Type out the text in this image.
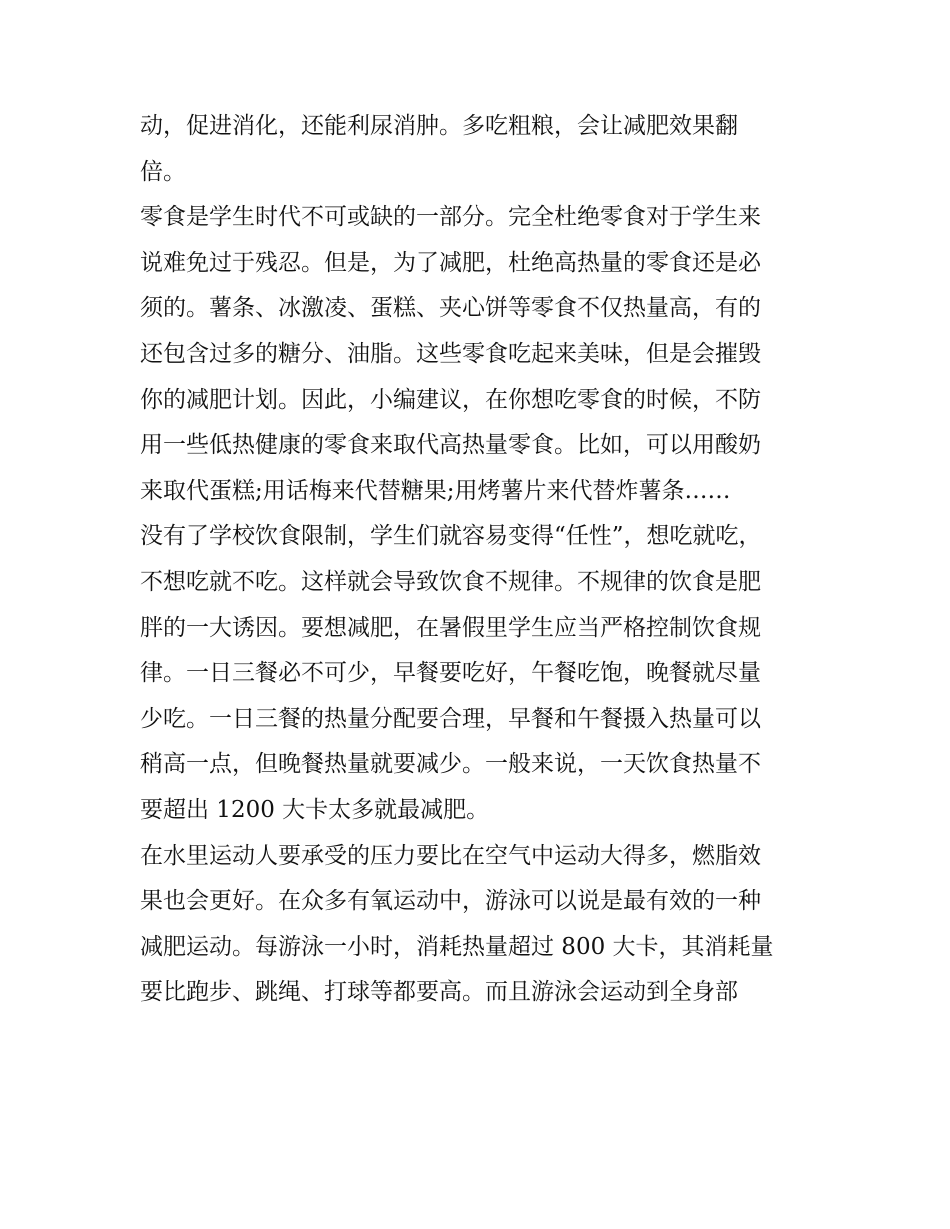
动，促进消化，还能利尿消肿。多吃粗粮，会让减肥效果翻
倍。
零食是学生时代不可或缺的一部分。完全杜绝零食对于学生来
说难免过于残忍。但是，为了减肥，杜绝高热量的零食还是必
须的。薯条、冰激凌、蛋糕、夹心饼等零食不仅热量高，有的
还包含过多的糖分、油脂。这些零食吃起来美味，但是会摧毁
你的减肥计划。因此，小编建议，在你想吃零食的时候，不防
用一些低热健康的零食来取代高热量零食。比如，可以用酸奶
来取代蛋糕;用话梅来代替糖果;用烤薯片来代替炸薯条……
没有了学校饮食限制，学生们就容易变得“任性”，想吃就吃，
不想吃就不吃。这样就会导致饮食不规律。不规律的饮食是肥
胖的一大诱因。要想减肥，在暑假里学生应当严格控制饮食规
律。一日三餐必不可少，早餐要吃好，午餐吃饱，晚餐就尽量
少吃。一日三餐的热量分配要合理，早餐和午餐摄入热量可以
稍高一点，但晚餐热量就要减少。一般来说，一天饮食热量不
要超出 1200 大卡太多就最减肥。
在水里运动人要承受的压力要比在空气中运动大得多，燃脂效
果也会更好。在众多有氧运动中，游泳可以说是最有效的一种
减肥运动。每游泳一小时，消耗热量超过 800 大卡，其消耗量
要比跑步、跳绳、打球等都要高。而且游泳会运动到全身部
